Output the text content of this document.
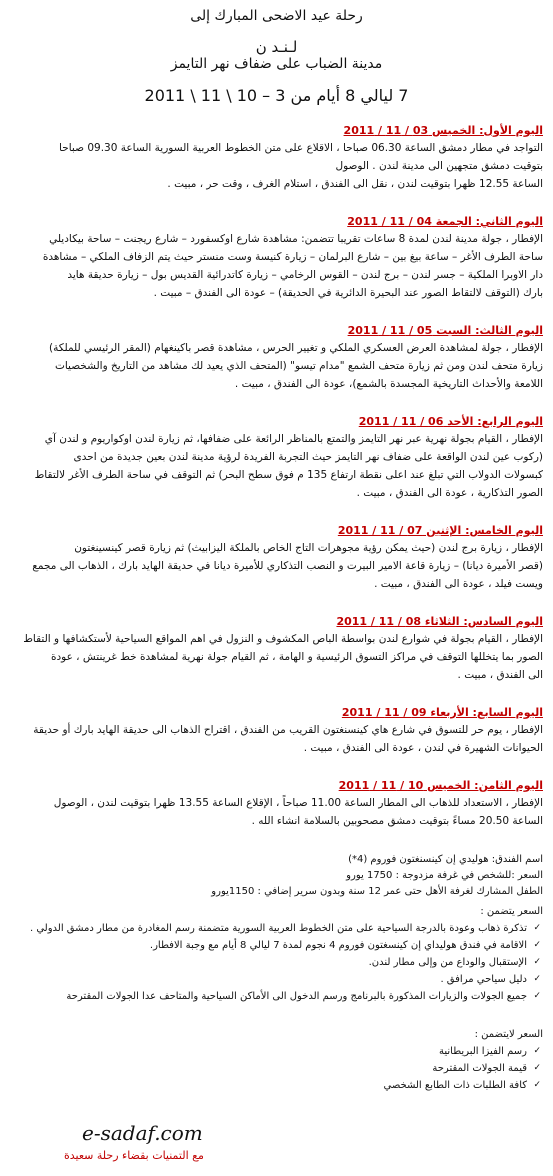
رحلة عيد الاضحى المبارك إلى
لـنـد ن
مدينة الضباب على ضفاف نهر التايمز
7 ليالي 8 أيام من 3 – 10 \ 11 \ 2011
اليوم الأول: الخميس 03 / 11 / 2011

التواجد في مطار دمشق الساعة 06.30 صباحا ، الاقلاع على متن الخطوط العربية السورية الساعة 09.30 صباحا

بتوقيت دمشق متجهين الى مدينة لندن . الوصول

الساعة 12.55 ظهرا بتوقيت لندن ، نقل الى الفندق ، استلام الغرف ، وقت حر ، مبيت .

اليوم الثاني: الجمعة 04 / 11 / 2011

الإفطار ، جولة مدينة لندن لمدة 8 ساعات تقريبا تتضمن: مشاهدة شارع اوكسفورد – شارع ريجنت – ساحة بيكاديلي

ساحة الطرف الأغر – ساعة بيغ بين – شارع البرلمان – زيارة كنيسة وست منستر حيث يتم الزفاف الملكي – مشاهدة

دار الاوبرا الملكية – جسر لندن – برج لندن – القوس الرخامي – زيارة كاتدرائية القديس بول – زيارة حديقة هايد

بارك (التوقف لالتقاط الصور عند البحيرة الدائرية في الحديقة) – عودة الى الفندق – مبيت .

اليوم الثالث: السبت 05 / 11 / 2011

الإفطار ، جولة لمشاهدة العرض العسكري الملكي و تغيير الحرس ، مشاهدة قصر باكينغهام (المقر الرئيسي للملكة)

زيارة متحف لندن ومن ثم زيارة متحف الشمع "مدام تيسو" (المتحف الذي يعيد لك مشاهد من التاريخ والشخصيات

اللامعة والأحداث التاريخية المجسدة بالشمع)، عودة الى الفندق ، مبيت .

اليوم الرابع: الأحد 06 / 11 / 2011

الإفطار ، القيام بجولة نهرية عبر نهر التايمز والتمتع بالمناظر الرائعة على ضفافها، ثم زيارة لندن اوكواريوم و لندن آي

(ركوب عين لندن الواقعة على ضفاف نهر التايمز حيث التجربة الفريدة لرؤية مدينة لندن بعين جديدة من احدى

كبسولات الدولاب التي تبلغ عند اعلى نقطة ارتفاع 135 م فوق سطح البحر) ثم التوقف في ساحة الطرف الأغر لالتقاط

الصور التذكارية ، عودة الى الفندق ، مبيت .

اليوم الخامس: الإثنين 07 / 11 / 2011

الإفطار ، زيارة برج لندن (حيث يمكن رؤية مجوهرات التاج الخاص بالملكة اليزابيث) ثم زيارة قصر كينسينغتون

(قصر الأميرة ديانا) – زيارة قاعة الامير البيرت و النصب التذكاري للأميرة ديانا في حديقة الهايد بارك ، الذهاب الى مجمع

ويست فيلد ، عودة الى الفندق ، مبيت .

اليوم السادس: الثلاثاء 08 / 11 / 2011

الإفطار ، القيام بجولة في شوارع لندن بواسطة الباص المكشوف و النزول في اهم المواقع السياحية لأستكشافها و التقاط

الصور بما يتخللها التوقف في مراكز التسوق الرئيسية و الهامة ، ثم القيام جولة نهرية لمشاهدة خط غرينتش ، عودة

الى الفندق ، مبيت .

اليوم السابع: الأربعاء 09 / 11 / 2011

الإفطار ، يوم حر للتسوق في شارع هاي كينسنغتون القريب من الفندق ، اقتراح الذهاب الى حديقة الهايد بارك أو حديقة

الحيوانات الشهيرة في لندن ، عودة الى الفندق ، مبيت .

اليوم الثامن: الخميس 10 / 11 / 2011

الإفطار ، الاستعداد للذهاب الى المطار الساعة 11.00 صباحاً ، الإقلاع الساعة 13.55 ظهرا بتوقيت لندن ، الوصول

الساعة 20.50 مساءً بتوقيت دمشق مصحوبين بالسلامة انشاء الله .

اسم الفندق: هوليدي إن كينسنغتون فوروم (4*)
السعر :للشخص في غرفة مزدوجة : 1750 يورو
الطفل المشارك لغرفة الأهل حتى عمر 12 سنة وبدون سرير إضافي : 1150يورو
السعر يتضمن :
✓ تذكرة ذهاب وعودة بالدرجة السياحية على متن الخطوط العربية السورية متضمنة رسم المغادرة من مطار دمشق الدولي .
✓ الاقامة في فندق هوليداي إن كينسغتون فوروم 4 نجوم لمدة 7 ليالي 8 أيام مع وجبة الافطار.
✓ الإستقبال والوداع من وإلى مطار لندن.
✓ دليل سياحي مرافق .
✓ جميع الجولات والزيارات المذكورة بالبرنامج ورسم الدخول الى الأماكن السياحية والمتاحف عدا الجولات المقترحة
السعر لايتضمن :
✓ رسم الفيزا البريطانية
✓ قيمة الجولات المقترحة
✓ كافة الطلبات ذات الطابع الشخصي
e-sadaf.com
مع التمنيات بقضاء رحلة سعيدة
